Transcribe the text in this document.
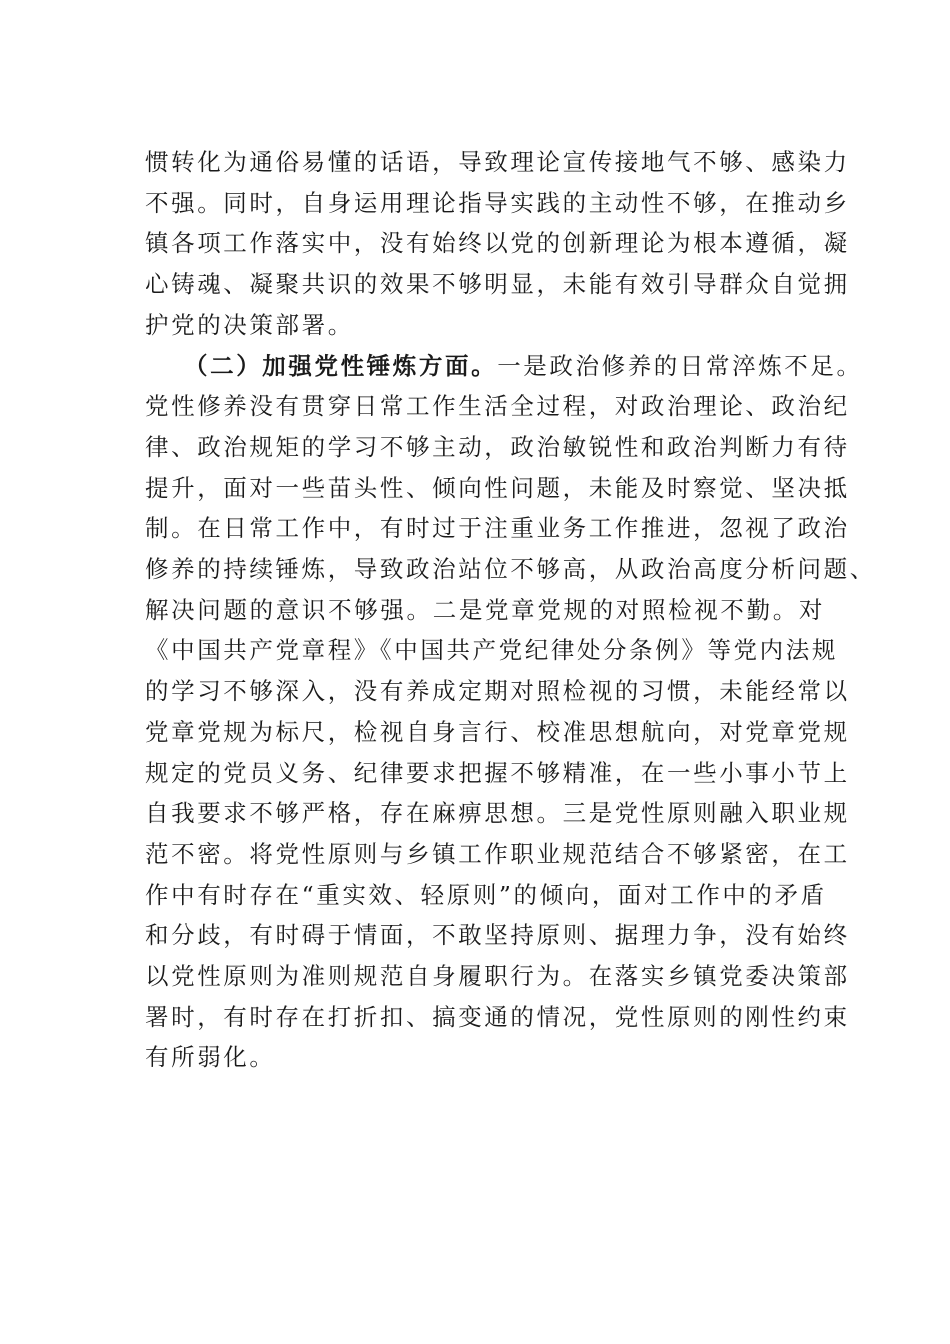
惯转化为通俗易懂的话语，导致理论宣传接地气不够、感染力
不强。同时，自身运用理论指导实践的主动性不够，在推动乡
镇各项工作落实中，没有始终以党的创新理论为根本遵循，凝
心铸魂、凝聚共识的效果不够明显，未能有效引导群众自觉拥
护党的决策部署。
（二）加强党性锤炼方面。一是政治修养的日常淬炼不足。
党性修养没有贯穿日常工作生活全过程，对政治理论、政治纪
律、政治规矩的学习不够主动，政治敏锐性和政治判断力有待
提升，面对一些苗头性、倾向性问题，未能及时察觉、坚决抵
制。在日常工作中，有时过于注重业务工作推进，忽视了政治
修养的持续锤炼，导致政治站位不够高，从政治高度分析问题、
解决问题的意识不够强。二是党章党规的对照检视不勤。对
《中国共产党章程》《中国共产党纪律处分条例》等党内法规
的学习不够深入，没有养成定期对照检视的习惯，未能经常以
党章党规为标尺，检视自身言行、校准思想航向，对党章党规
规定的党员义务、纪律要求把握不够精准，在一些小事小节上
自我要求不够严格，存在麻痹思想。三是党性原则融入职业规
范不密。将党性原则与乡镇工作职业规范结合不够紧密，在工
作中有时存在“重实效、轻原则”的倾向，面对工作中的矛盾
和分歧，有时碍于情面，不敢坚持原则、据理力争，没有始终
以党性原则为准则规范自身履职行为。在落实乡镇党委决策部
署时，有时存在打折扣、搞变通的情况，党性原则的刚性约束
有所弱化。
